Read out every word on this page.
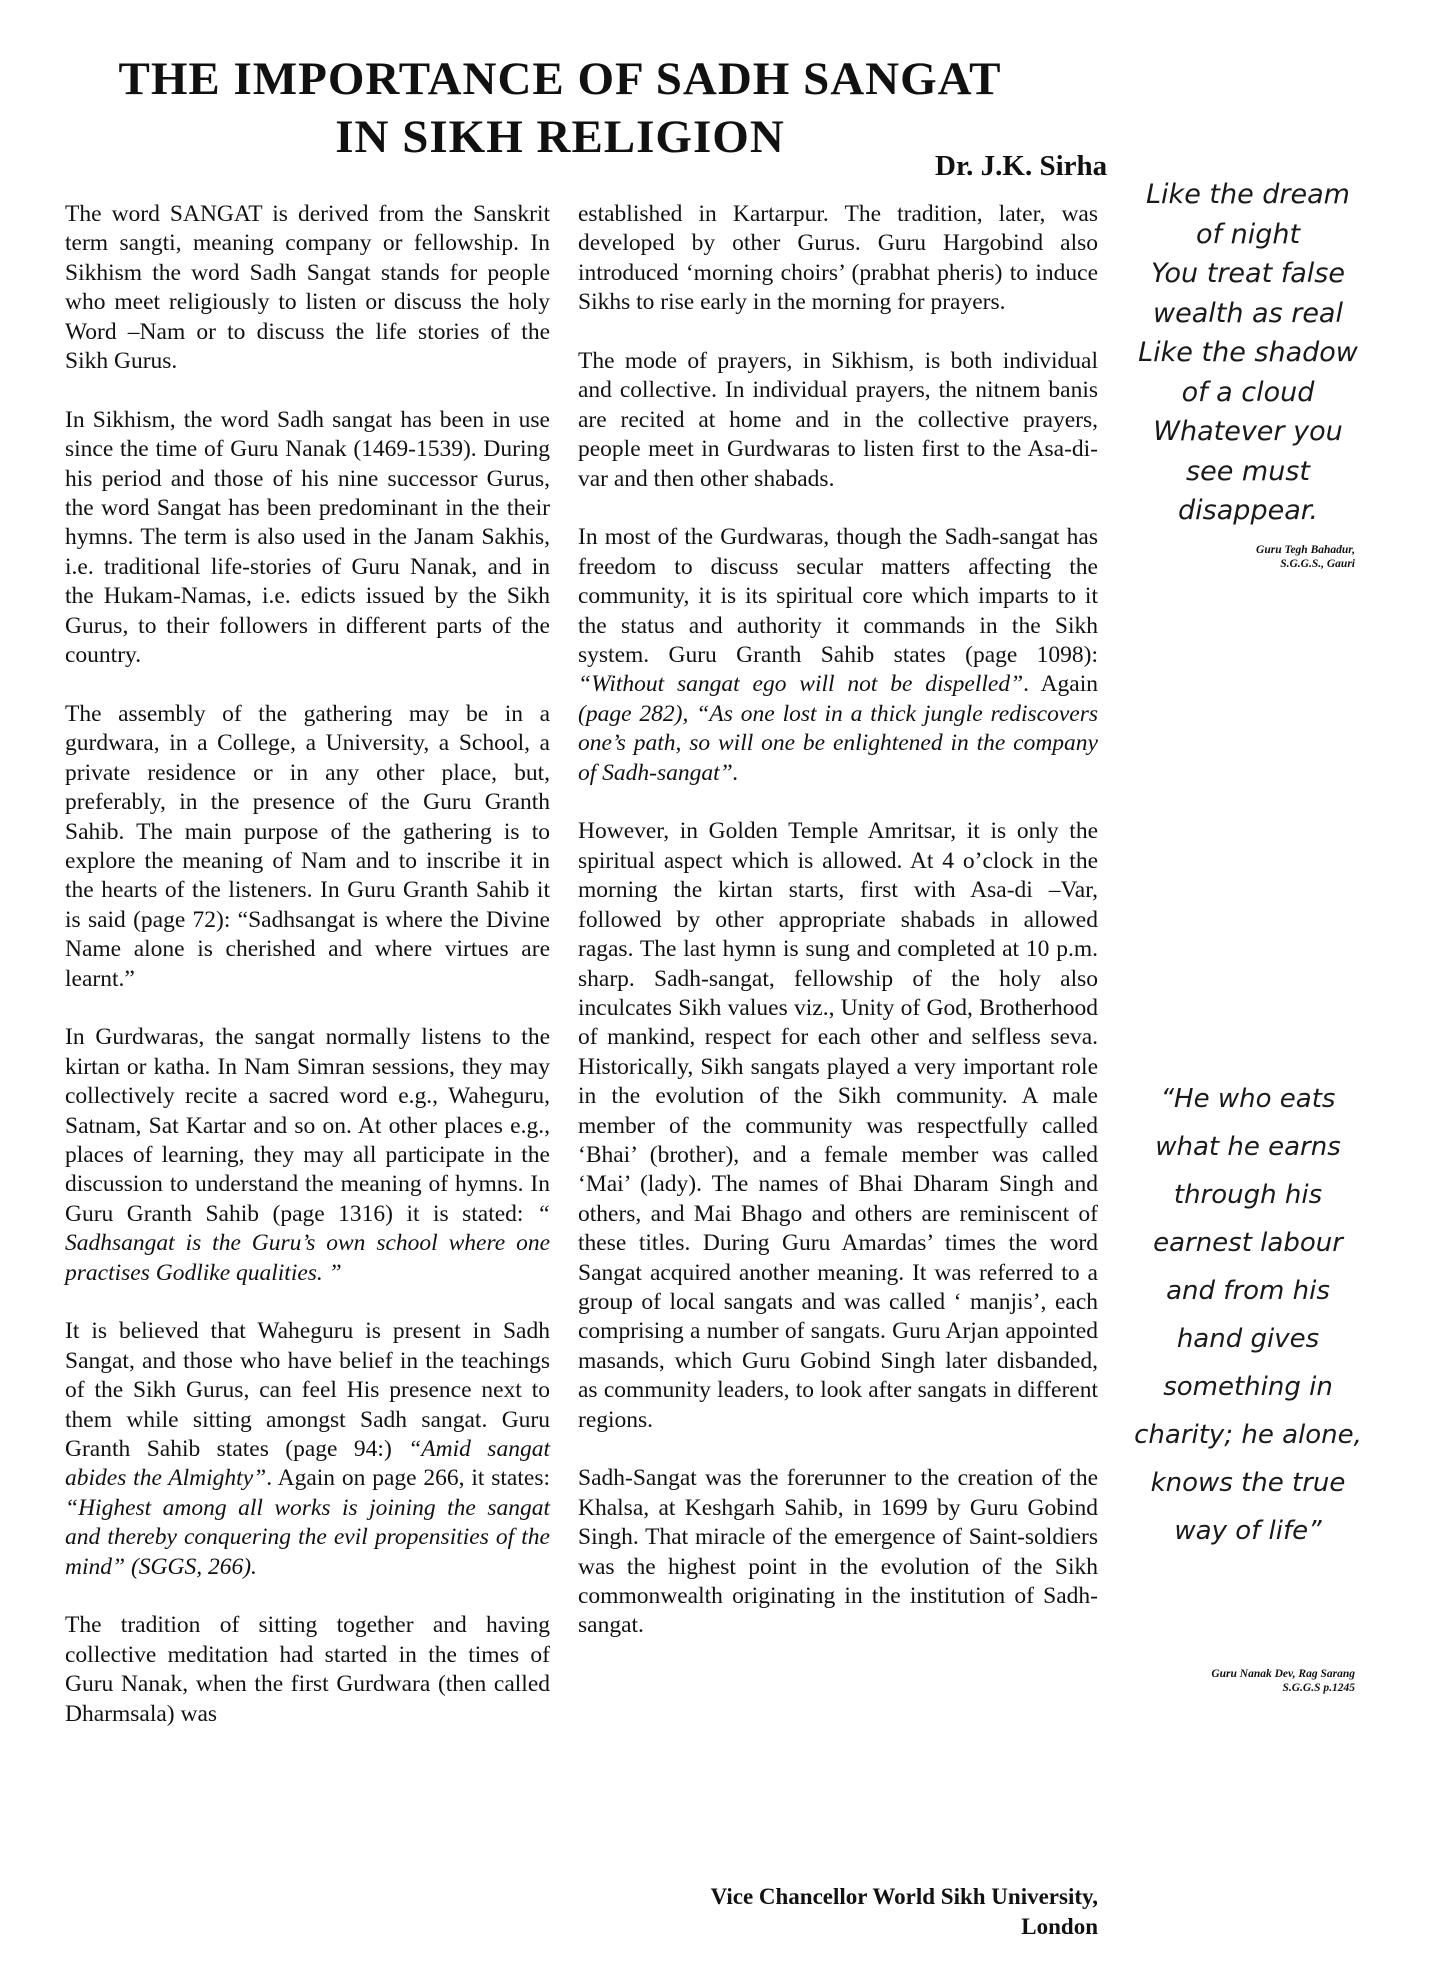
THE IMPORTANCE OF SADH SANGAT
IN SIKH RELIGION

Dr. J.K. Sirha

The word SANGAT is derived from the Sanskrit term sangti, meaning company or fellowship. In Sikhism the word Sadh Sangat stands for people who meet religiously to listen or discuss the holy Word –Nam or to discuss the life stories of the Sikh Gurus.

In Sikhism, the word Sadh sangat has been in use since the time of Guru Nanak (1469-1539). During his period and those of his nine successor Gurus, the word Sangat has been predominant in the their hymns. The term is also used in the Janam Sakhis, i.e. traditional life-stories of Guru Nanak, and in the Hukam-Namas, i.e. edicts issued by the Sikh Gurus, to their followers in different parts of the country.

The assembly of the gathering may be in a gurdwara, in a College, a University, a School, a private residence or in any other place, but, preferably, in the presence of the Guru Granth Sahib. The main purpose of the gathering is to explore the meaning of Nam and to inscribe it in the hearts of the listeners. In Guru Granth Sahib it is said (page 72): “Sadhsangat is where the Divine Name alone is cherished and where virtues are learnt.”

In Gurdwaras, the sangat normally listens to the kirtan or katha. In Nam Simran sessions, they may collectively recite a sacred word e.g., Waheguru, Satnam, Sat Kartar and so on. At other places e.g., places of learning, they may all participate in the discussion to understand the meaning of hymns. In Guru Granth Sahib (page 1316) it is stated: “ Sadhsangat is the Guru’s own school where one practises Godlike qualities. ”

It is believed that Waheguru is present in Sadh Sangat, and those who have belief in the teachings of the Sikh Gurus, can feel His presence next to them while sitting amongst Sadh sangat. Guru Granth Sahib states (page 94:) “Amid sangat abides the Almighty”. Again on page 266, it states: “Highest among all works is joining the sangat and thereby conquering the evil propensities of the mind” (SGGS, 266).

The tradition of sitting together and having collective meditation had started in the times of Guru Nanak, when the first Gurdwara (then called Dharmsala) was

established in Kartarpur. The tradition, later, was developed by other Gurus. Guru Hargobind also introduced ‘morning choirs’ (prabhat pheris) to induce Sikhs to rise early in the morning for prayers.

The mode of prayers, in Sikhism, is both individual and collective. In individual prayers, the nitnem banis are recited at home and in the collective prayers, people meet in Gurdwaras to listen first to the Asa-di-var and then other shabads.

In most of the Gurdwaras, though the Sadh-sangat has freedom to discuss secular matters affecting the community, it is its spiritual core which imparts to it the status and authority it commands in the Sikh system. Guru Granth Sahib states (page 1098): “Without sangat ego will not be dispelled”. Again (page 282), “As one lost in a thick jungle rediscovers one’s path, so will one be enlightened in the company of Sadh-sangat”.

However, in Golden Temple Amritsar, it is only the spiritual aspect which is allowed. At 4 o’clock in the morning the kirtan starts, first with Asa-di –Var, followed by other appropriate shabads in allowed ragas. The last hymn is sung and completed at 10 p.m. sharp. Sadh-sangat, fellowship of the holy also inculcates Sikh values viz., Unity of God, Brotherhood of mankind, respect for each other and selfless seva. Historically, Sikh sangats played a very important role in the evolution of the Sikh community. A male member of the community was respectfully called ‘Bhai’ (brother), and a female member was called ‘Mai’ (lady). The names of Bhai Dharam Singh and others, and Mai Bhago and others are reminiscent of these titles. During Guru Amardas’ times the word Sangat acquired another meaning. It was referred to a group of local sangats and was called ‘ manjis’, each comprising a number of sangats. Guru Arjan appointed masands, which Guru Gobind Singh later disbanded, as community leaders, to look after sangats in different regions.

Sadh-Sangat was the forerunner to the creation of the Khalsa, at Keshgarh Sahib, in 1699 by Guru Gobind Singh. That miracle of the emergence of Saint-soldiers was the highest point in the evolution of the Sikh commonwealth originating in the institution of Sadh-sangat.

Vice Chancellor World Sikh University,
London

Like the dream
of night
You treat false
wealth as real
Like the shadow
of a cloud
Whatever you
see must
disappear.
Guru Tegh Bahadur,
S.G.G.S., Gauri
“He who eats
what he earns
through his
earnest labour
and from his
hand gives
something in
charity; he alone,
knows the true
way of life”
Guru Nanak Dev, Rag Sarang
S.G.G.S p.1245
